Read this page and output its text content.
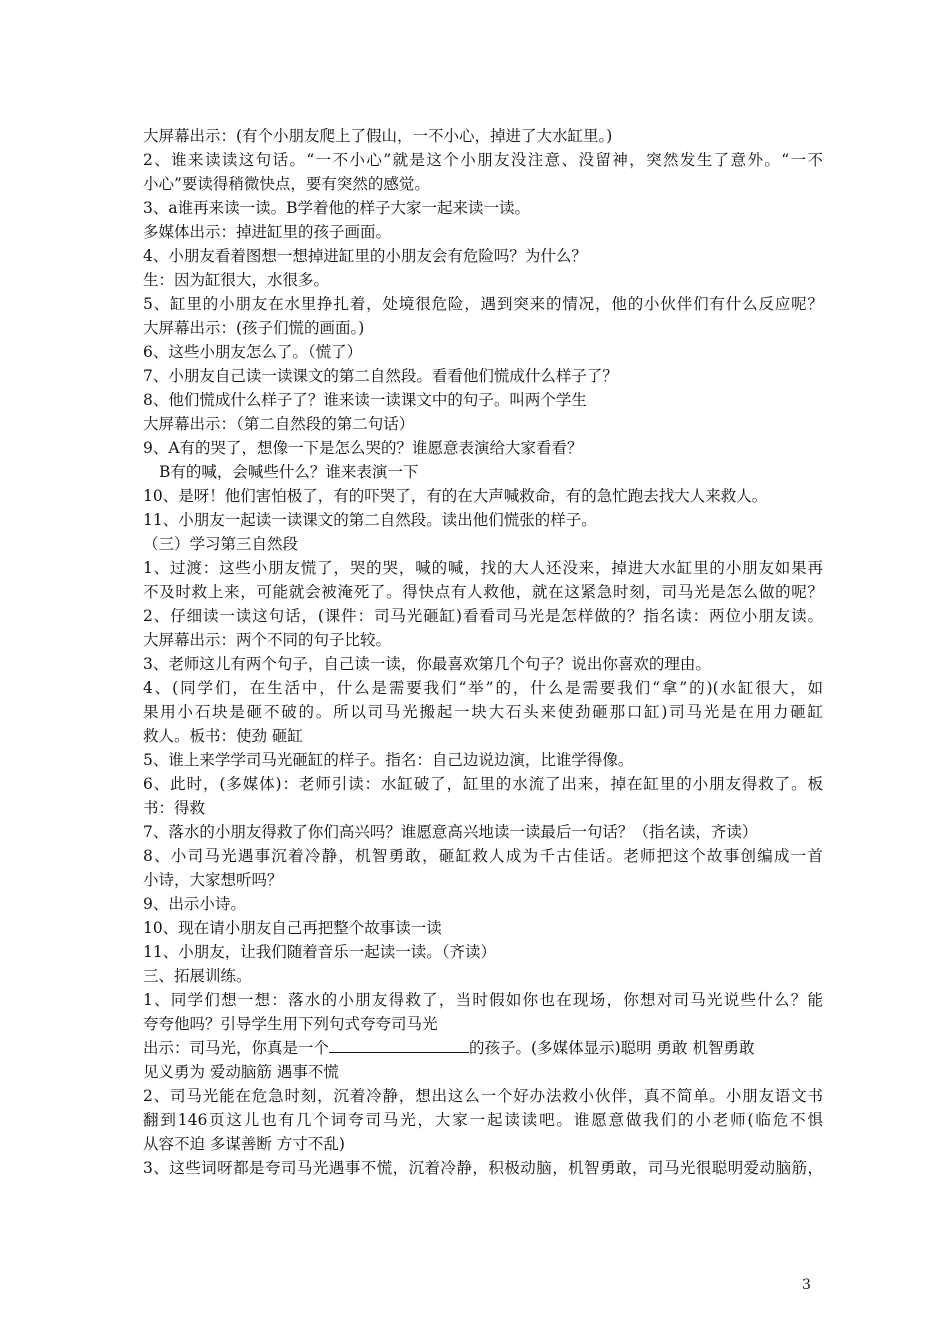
大屏幕出示：(有个小朋友爬上了假山，一不小心，掉进了大水缸里。)
2、谁来读读这句话。“一不小心”就是这个小朋友没注意、没留神，突然发生了意外。“一不
小心”要读得稍微快点，要有突然的感觉。
3、a谁再来读一读。B学着他的样子大家一起来读一读。
多媒体出示：掉进缸里的孩子画面。
4、小朋友看着图想一想掉进缸里的小朋友会有危险吗？为什么？
生：因为缸很大，水很多。
5、缸里的小朋友在水里挣扎着，处境很危险，遇到突来的情况，他的小伙伴们有什么反应呢？
大屏幕出示：(孩子们慌的画面。)
6、这些小朋友怎么了。（慌了）
7、小朋友自己读一读课文的第二自然段。看看他们慌成什么样子了？
8、他们慌成什么样子了？谁来读一读课文中的句子。叫两个学生
大屏幕出示：（第二自然段的第二句话）
9、A有的哭了，想像一下是怎么哭的？谁愿意表演给大家看看？
B有的喊，会喊些什么？谁来表演一下
10、是呀！他们害怕极了，有的吓哭了，有的在大声喊救命，有的急忙跑去找大人来救人。
11、小朋友一起读一读课文的第二自然段。读出他们慌张的样子。
（三）学习第三自然段
1、过渡：这些小朋友慌了，哭的哭，喊的喊，找的大人还没来，掉进大水缸里的小朋友如果再
不及时救上来，可能就会被淹死了。得快点有人救他，就在这紧急时刻，司马光是怎么做的呢？
2、仔细读一读这句话，(课件：司马光砸缸)看看司马光是怎样做的？指名读：两位小朋友读。
大屏幕出示：两个不同的句子比较。
3、老师这儿有两个句子，自己读一读，你最喜欢第几个句子？说出你喜欢的理由。
4、(同学们，在生活中，什么是需要我们“举”的，什么是需要我们“拿”的)(水缸很大，如
果用小石块是砸不破的。所以司马光搬起一块大石头来使劲砸那口缸)司马光是在用力砸缸
救人。板书：使劲 砸缸
5、谁上来学学司马光砸缸的样子。指名：自己边说边演，比谁学得像。
6、此时，(多媒体)：老师引读：水缸破了，缸里的水流了出来，掉在缸里的小朋友得救了。板
书：得救
7、落水的小朋友得救了你们高兴吗？谁愿意高兴地读一读最后一句话？（指名读，齐读）
8、小司马光遇事沉着冷静，机智勇敢，砸缸救人成为千古佳话。老师把这个故事创编成一首
小诗，大家想听吗？
9、出示小诗。
10、现在请小朋友自己再把整个故事读一读
11、小朋友，让我们随着音乐一起读一读。（齐读）
三、拓展训练。
1、同学们想一想：落水的小朋友得救了，当时假如你也在现场，你想对司马光说些什么？能
夸夸他吗？引导学生用下列句式夸夸司马光
出示：司马光，你真是一个	的孩子。(多媒体显示)聪明 勇敢 机智勇敢
见义勇为 爱动脑筋 遇事不慌
2、司马光能在危急时刻，沉着冷静，想出这么一个好办法救小伙伴，真不简单。小朋友语文书
翻到146页这儿也有几个词夸司马光，大家一起读读吧。谁愿意做我们的小老师(临危不惧
从容不迫 多谋善断 方寸不乱)
3、这些词呀都是夸司马光遇事不慌，沉着冷静，积极动脑，机智勇敢，司马光很聪明爱动脑筋，
3
